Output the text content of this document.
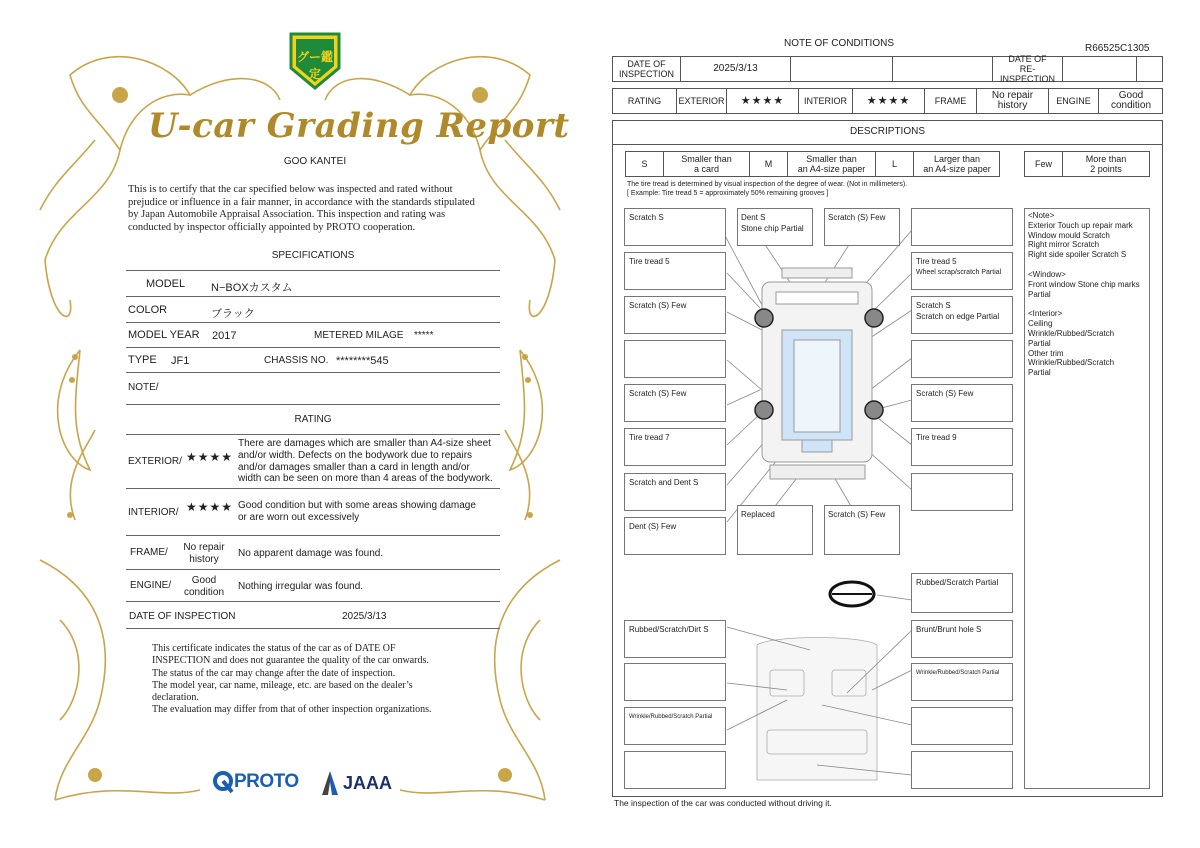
グー鑑定
U-car Grading Report
GOO KANTEI
This is to certify that the car specified below was inspected and rated without
prejudice or influence in a fair manner, in accordance with the standards stipulated
by Japan Automobile Appraisal Association. This inspection and rating was
conducted by inspector officially appointed by PROTO cooperation.
SPECIFICATIONS
MODEL N−BOXカスタム
COLOR	ブラック
MODEL YEAR 2017	METERED MILAGE *****
TYPE JF1	CHASSIS NO. ********545
NOTE/
RATING
EXTERIOR/ ★★★★
There are damages which are smaller than A4-size sheet
and/or width. Defects on the bodywork due to repairs
and/or damages smaller than a card in length and/or
width can be seen on more than 4 areas of the bodywork.
INTERIOR/ ★★★★ Good condition but with some areas showing damage
or are worn out excessively
FRAME/	No repair
history
No apparent damage was found.
ENGINE/	Good
condition
Nothing irregular was found.
DATE OF INSPECTION	2025/3/13
This certificate indicates the status of the car as of DATE OF
INSPECTION and does not guarantee the quality of the car onwards.
The status of the car may change after the date of inspection.
The model year, car name, mileage, etc. are based on the dealer’s
declaration.
The evaluation may differ from that of other inspection organizations.
PROTO JAAA
NOTE OF CONDITIONS	R66525C1305
DATE OF
INSPECTION	2025/3/13
DATE OF
RE-INSPECTION
RATING EXTERIOR ★★★★ INTERIOR ★★★★	FRAME	No repair
history	ENGINE	Good
condition
DESCRIPTIONS
S	Smaller than
a card	M	Smaller than
an A4-size paper	L	Larger than
an A4-size paper	Few	More than
2 points
The tire tread is determined by visual inspection of the degree of wear. (Not in millimeters).
[ Example: Tire tread 5 = approximately 50% remaining grooves ]
Scratch S	Dent S
Stone chip Partial
Scratch (S) Few
Tire tread 5	Tire tread 5
Wheel scrap/scratch Partial
Scratch (S) Few	Scratch S
Scratch on edge Partial
Scratch (S) Few	Scratch (S) Few
Tire tread 7	Tire tread 9
Scratch and Dent S
Dent (S) Few
Replaced	Scratch (S) Few
Rubbed/Scratch Partial
Rubbed/Scratch/Dirt S	Brunt/Brunt hole S
Wrinkle/Rubbed/Scratch Partial
Wrinkle/Rubbed/Scratch Partial
<Note>
Exterior Touch up repair mark
Window mould Scratch
Right mirror Scratch
Right side spoiler Scratch S
<Window>
Front window Stone chip marks
Partial
<Interior>
Ceiling
Wrinkle/Rubbed/Scratch
Partial
Other trim
Wrinkle/Rubbed/Scratch
Partial
The inspection of the car was conducted without driving it.
